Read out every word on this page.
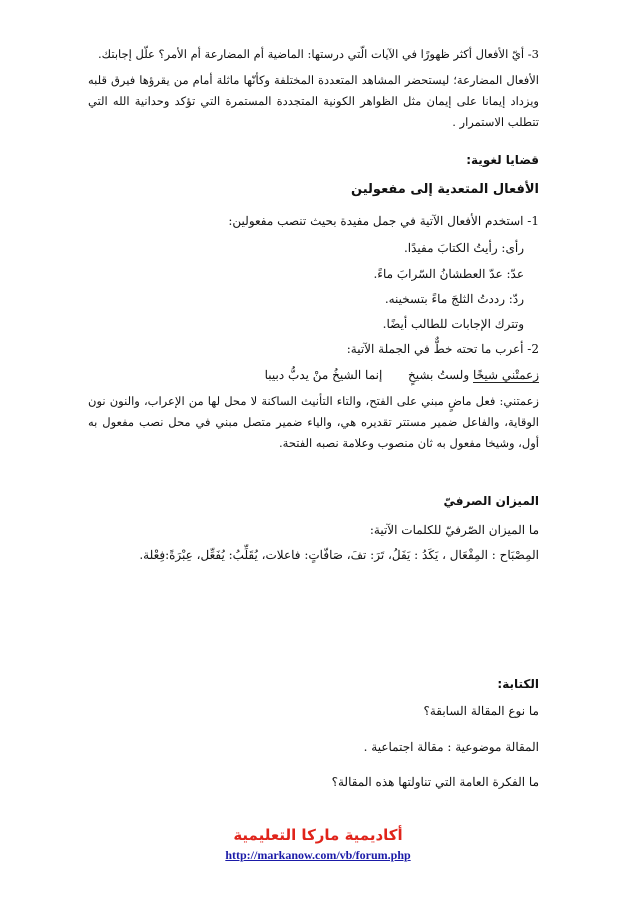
3- أيّ الأفعال أكثر ظهورًا في الآيات الّتي درستها: الماضية أم المضارعة أم الأمر؟ علّل إجابتك.
الأفعال المضارعة؛ ليستحضر المشاهد المتعددة المختلفة وكأنّها ماثلة أمام من يقرؤها فيرق قلبه ويزداد إيمانا على إيمان مثل الظواهر الكونية المتجددة المستمرة التي تؤكد وحدانية الله التي تتطلب الاستمرار .
قضايا لغوية:
الأفعال المتعدية إلى مفعولين
1- استخدم الأفعال الآتية في جمل مفيدة بحيث تنصب مفعولين:
رأى: رأيتُ الكتابَ مفيدًا.
عدّ: عدّ العطشانُ السّرابَ ماءً.
ردّ: رددتُ الثلجَ ماءً بتسخينه.
وتترك الإجابات للطالب أيضًا.
2- أعرب ما تحته خطٌّ في الجملة الآتية:
زعمتْني شيخًا ولستُ بشيخٍ  إنما الشيخُ منْ يدبُّ دبيبا
زعمتني: فعل ماضٍ مبني على الفتح، والتاء التأنيث الساكنة لا محل لها من الإعراب، والنون نون الوقاية، والفاعل ضمير مستتر تقديره هي، والياء ضمير متصل مبني في محل نصب مفعول به أول، وشيخا مفعول به ثان منصوب وعلامة نصبه الفتحة.
الميزان الصرفيّ
ما الميزان الصّرفيّ للكلمات الآتية:
المِصْبَاح : المِفْعَال ، يَكَدُ : يَفَلُ، تَرَ: تفَ، صَافّاتٍ: فاعلات، يُقَلِّبُ: يُفَعِّل، عِبْرَةً:فِعْلة.
الكتابة:
ما نوع المقالة السابقة؟
المقالة موضوعية : مقالة اجتماعية .
ما الفكرة العامة التي تناولتها هذه المقالة؟
أكاديمية ماركا التعليمية
http://markanow.com/vb/forum.php
